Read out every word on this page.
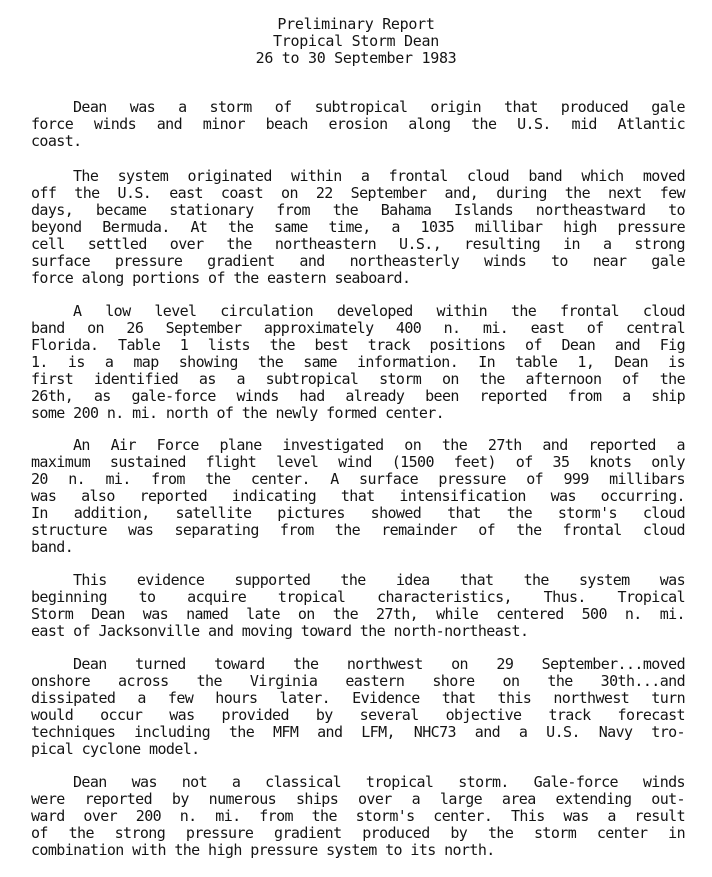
Preliminary Report
Tropical Storm Dean
26 to 30 September 1983
Dean was a storm of subtropical origin that produced gale
force winds and minor beach erosion along the U.S. mid Atlantic
coast.
The system originated within a frontal cloud band which moved
off the U.S. east coast on 22 September and, during the next few
days, became stationary from the Bahama Islands northeastward to
beyond Bermuda. At the same time, a 1035 millibar high pressure
cell settled over the northeastern U.S., resulting in a strong
surface pressure gradient and northeasterly winds to near gale
force along portions of the eastern seaboard.
A low level circulation developed within the frontal cloud
band on 26 September approximately 400 n. mi. east of central
Florida. Table 1 lists the best track positions of Dean and Fig
1. is a map showing the same information. In table 1, Dean is
first identified as a subtropical storm on the afternoon of the
26th, as gale-force winds had already been reported from a ship
some 200 n. mi. north of the newly formed center.
An Air Force plane investigated on the 27th and reported a
maximum sustained flight level wind (1500 feet) of 35 knots only
20 n. mi. from the center. A surface pressure of 999 millibars
was also reported indicating that intensification was occurring.
In addition, satellite pictures showed that the storm's cloud
structure was separating from the remainder of the frontal cloud
band.
This evidence supported the idea that the system was
beginning to acquire tropical characteristics, Thus. Tropical
Storm Dean was named late on the 27th, while centered 500 n. mi.
east of Jacksonville and moving toward the north-northeast.
Dean turned toward the northwest on 29 September...moved
onshore across the Virginia eastern shore on the 30th...and
dissipated a few hours later. Evidence that this northwest turn
would occur was provided by several objective track forecast
techniques including the MFM and LFM, NHC73 and a U.S. Navy tro-
pical cyclone model.
Dean was not a classical tropical storm. Gale-force winds
were reported by numerous ships over a large area extending out-
ward over 200 n. mi. from the storm's center. This was a result
of the strong pressure gradient produced by the storm center in
combination with the high pressure system to its north.
